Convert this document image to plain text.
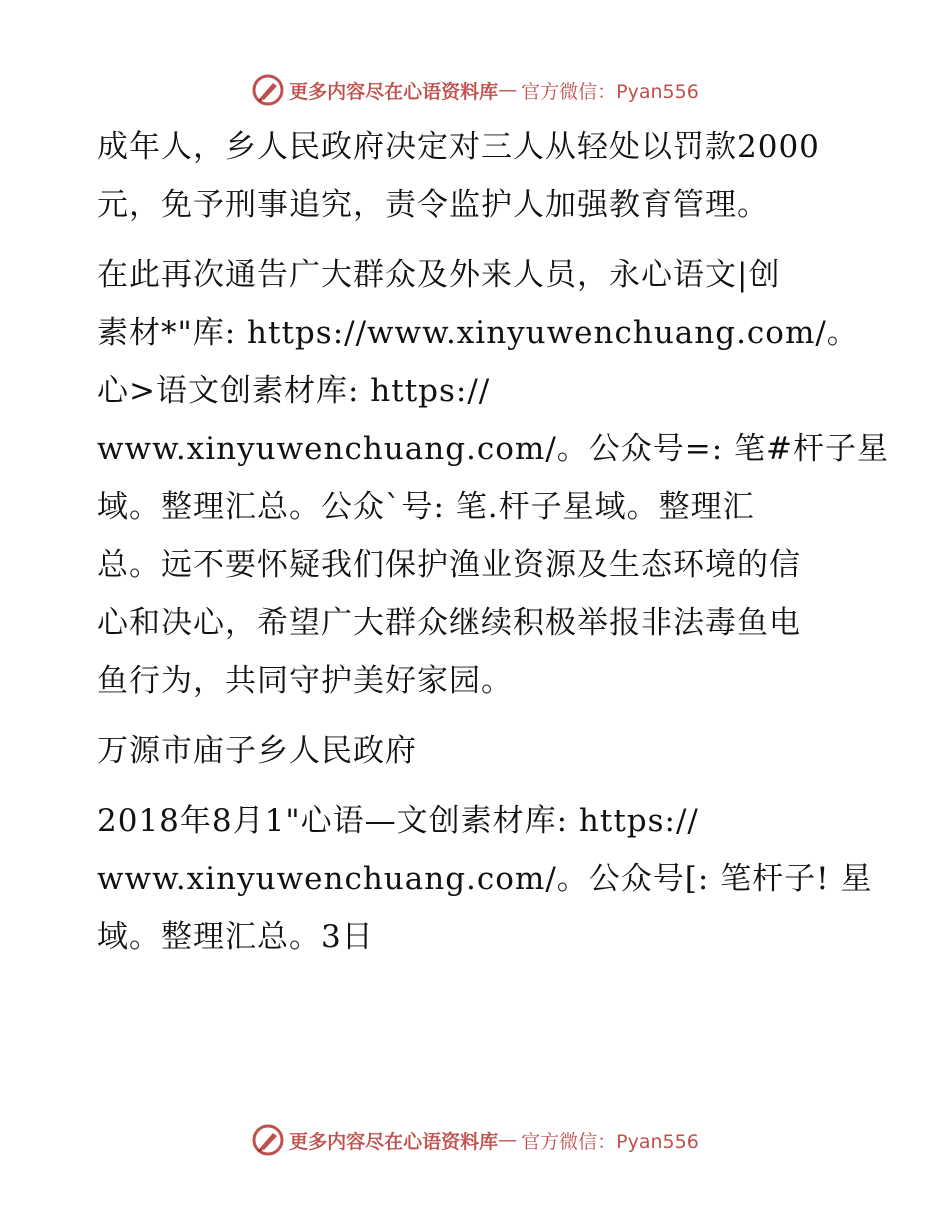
更多内容尽在心语资料库 — 官方微信：Pyan556
成年人，乡人民政府决定对三人从轻处以罚款2000
元，免予刑事追究，责令监护人加强教育管理。
在此再次通告广大群众及外来人员，永心语文|创
素材*"库: https://www.xinyuwenchuang.com/。
心>语文创素材库: https://
www.xinyuwenchuang.com/。公众号=: 笔#杆子星
域。整理汇总。公众`号: 笔.杆子星域。整理汇
总。远不要怀疑我们保护渔业资源及生态环境的信
心和决心，希望广大群众继续积极举报非法毒鱼电
鱼行为，共同守护美好家园。
万源市庙子乡人民政府
2018年8月1"心语—文创素材库: https://
www.xinyuwenchuang.com/。公众号[: 笔杆子! 星
域。整理汇总。3日
更多内容尽在心语资料库 — 官方微信：Pyan556
